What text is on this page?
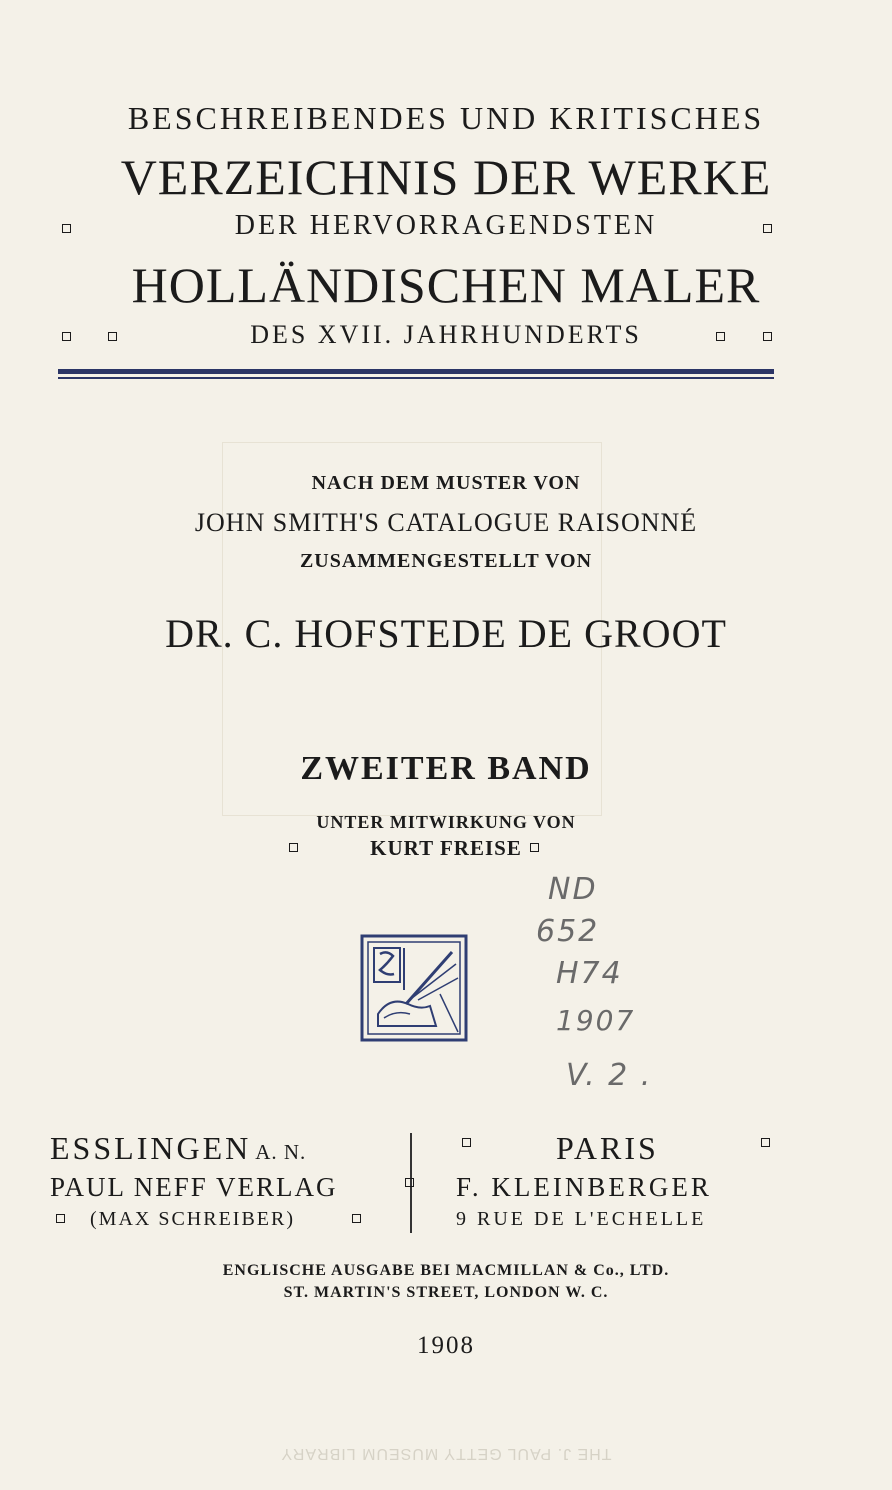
BESCHREIBENDES UND KRITISCHES
VERZEICHNIS DER WERKE
DER HERVORRAGENDSTEN
HOLLÄNDISCHEN MALER
DES XVII. JAHRHUNDERTS
NACH DEM MUSTER VON
JOHN SMITH'S CATALOGUE RAISONNÉ
ZUSAMMENGESTELLT VON
DR. C. HOFSTEDE DE GROOT
ZWEITER BAND
UNTER MITWIRKUNG VON
KURT FREISE
ND
652
H74
1907
V. 2 .
ESSLINGEN A. N.
PAUL NEFF VERLAG
(MAX SCHREIBER)
PARIS
F. KLEINBERGER
9 RUE DE L'ECHELLE
ENGLISCHE AUSGABE BEI MACMILLAN & Co., LTD.
ST. MARTIN'S STREET, LONDON W. C.
1908
THE J. PAUL GETTY MUSEUM LIBRARY
